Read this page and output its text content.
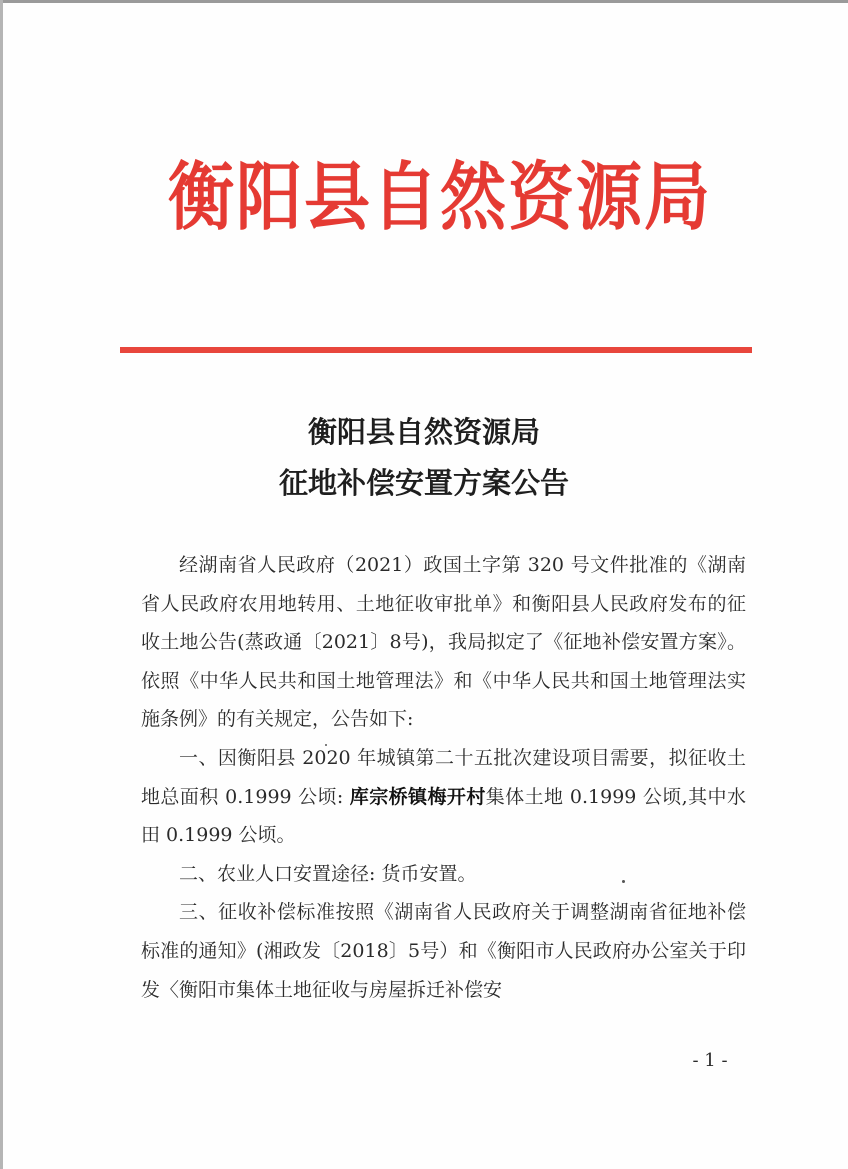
衡阳县自然资源局
衡阳县自然资源局
征地补偿安置方案公告

经湖南省人民政府（2021）政国土字第 320 号文件批准的《湖南省人民政府农用地转用、土地征收审批单》和衡阳县人民政府发布的征收土地公告(蒸政通〔2021〕8号)，我局拟定了《征地补偿安置方案》。依照《中华人民共和国土地管理法》和《中华人民共和国土地管理法实施条例》的有关规定，公告如下:

一、因衡阳县 2020 年城镇第二十五批次建设项目需要，拟征收土地总面积 0.1999 公顷: 库宗桥镇梅开村集体土地 0.1999 公顷,其中水田 0.1999 公顷。

二、农业人口安置途径: 货币安置。

三、征收补偿标准按照《湖南省人民政府关于调整湖南省征地补偿标准的通知》(湘政发〔2018〕5号）和《衡阳市人民政府办公室关于印发〈衡阳市集体土地征收与房屋拆迁补偿安

- 1 -
